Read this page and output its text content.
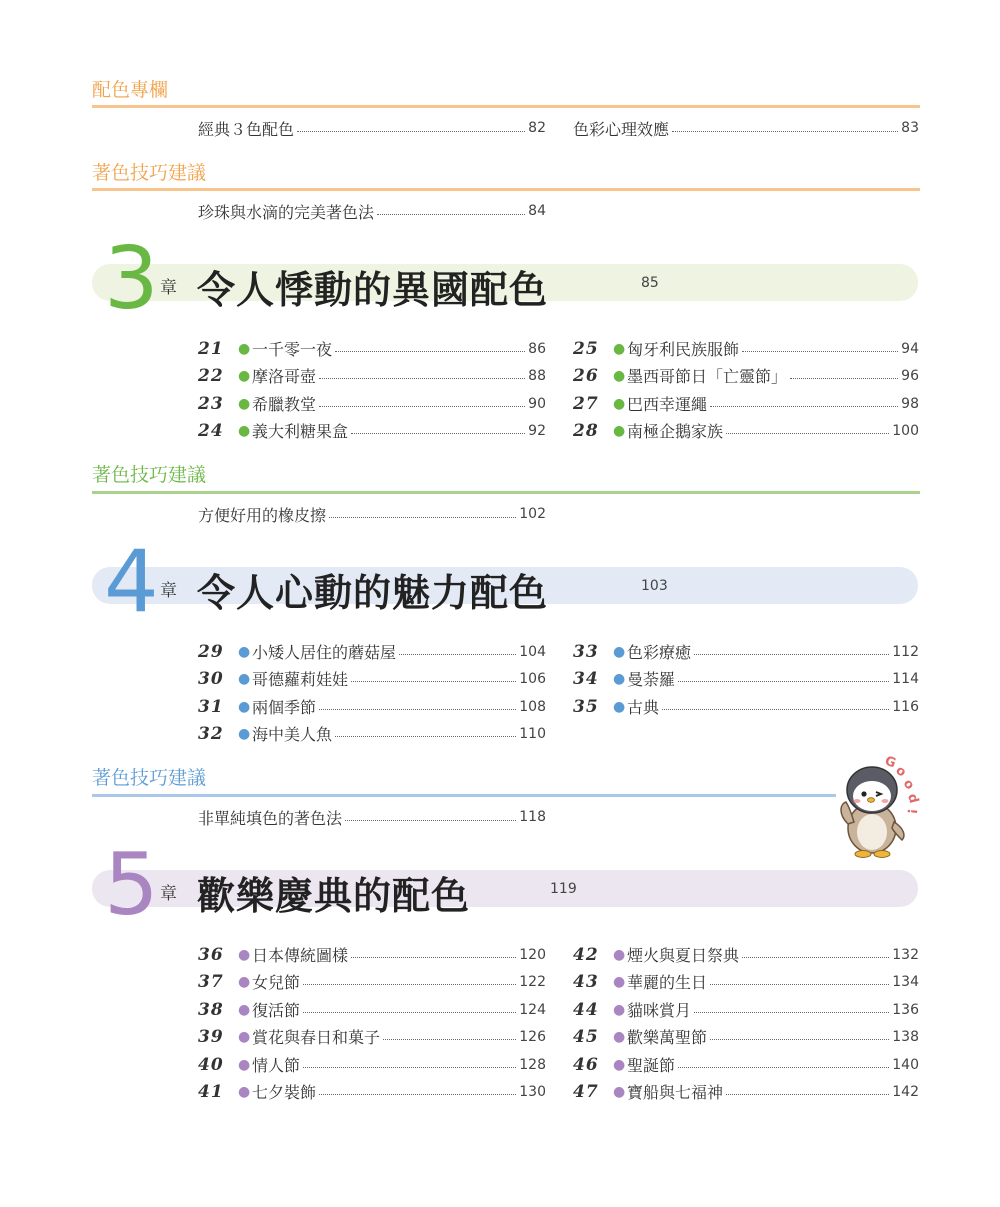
配色專欄
經典３色配色	82 色彩心理效應	83
著色技巧建議
珍珠與水滴的完美著色法	84
3 章 令人悸動的異國配色	85
21	● 一千零一夜	86
22	● 摩洛哥壺	88
23	● 希臘教堂	90
24	● 義大利糖果盒	92
25	● 匈牙利民族服飾	94
26	● 墨西哥節日「亡靈節」	96
27	● 巴西幸運繩	98
28	● 南極企鵝家族	100
著色技巧建議
方便好用的橡皮擦	102
4 章 令人心動的魅力配色	103
29	● 小矮人居住的蘑菇屋	104
30	● 哥德蘿莉娃娃	106
31	● 兩個季節	108
32	● 海中美人魚	110
33	● 色彩療癒	112
34	● 曼荼羅	114
35	● 古典	116
著色技巧建議
非單純填色的著色法	118
G
o
o
d
!
5 章 歡樂慶典的配色	119
36	● 日本傳統圖樣	120
37	● 女兒節	122
38	● 復活節	124
39	● 賞花與春日和菓子	126
40	● 情人節	128
41	● 七夕裝飾	130
42	● 煙火與夏日祭典	132
43	● 華麗的生日	134
44	● 貓咪賞月	136
45	● 歡樂萬聖節	138
46	● 聖誕節	140
47	● 寶船與七福神	142
